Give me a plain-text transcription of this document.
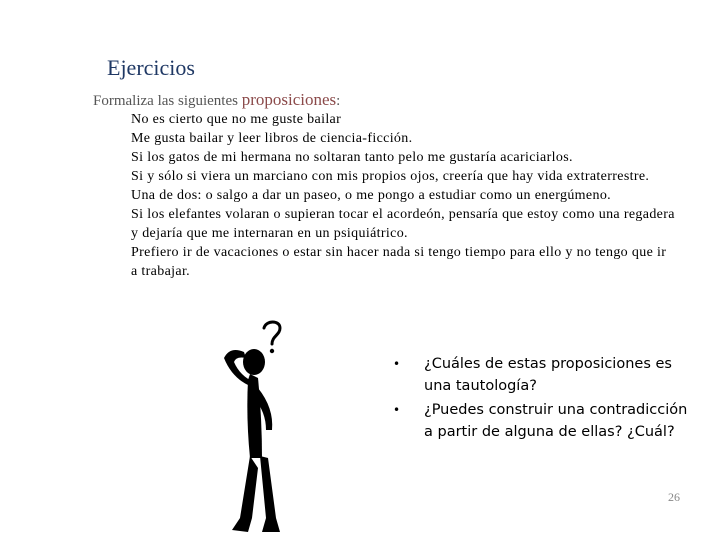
Ejercicios
Formaliza las siguientes proposiciones:
No es cierto que no me guste bailar
Me gusta bailar y leer libros de ciencia-ficción.
Si los gatos de mi hermana no soltaran tanto pelo me gustaría acariciarlos.
Si y sólo si viera un marciano con mis propios ojos, creería que hay vida extraterrestre.
Una de dos: o salgo a dar un paseo, o me pongo a estudiar como un energúmeno.
Si los elefantes volaran o supieran tocar el acordeón, pensaría que estoy como una regadera y dejaría que me internaran en un psiquiátrico.
Prefiero ir de vacaciones o estar sin hacer nada si tengo tiempo para ello y no tengo que ir a trabajar.
• ¿Cuáles de estas proposiciones es una tautología?
• ¿Puedes construir una contradicción a partir de alguna de ellas? ¿Cuál?
26
